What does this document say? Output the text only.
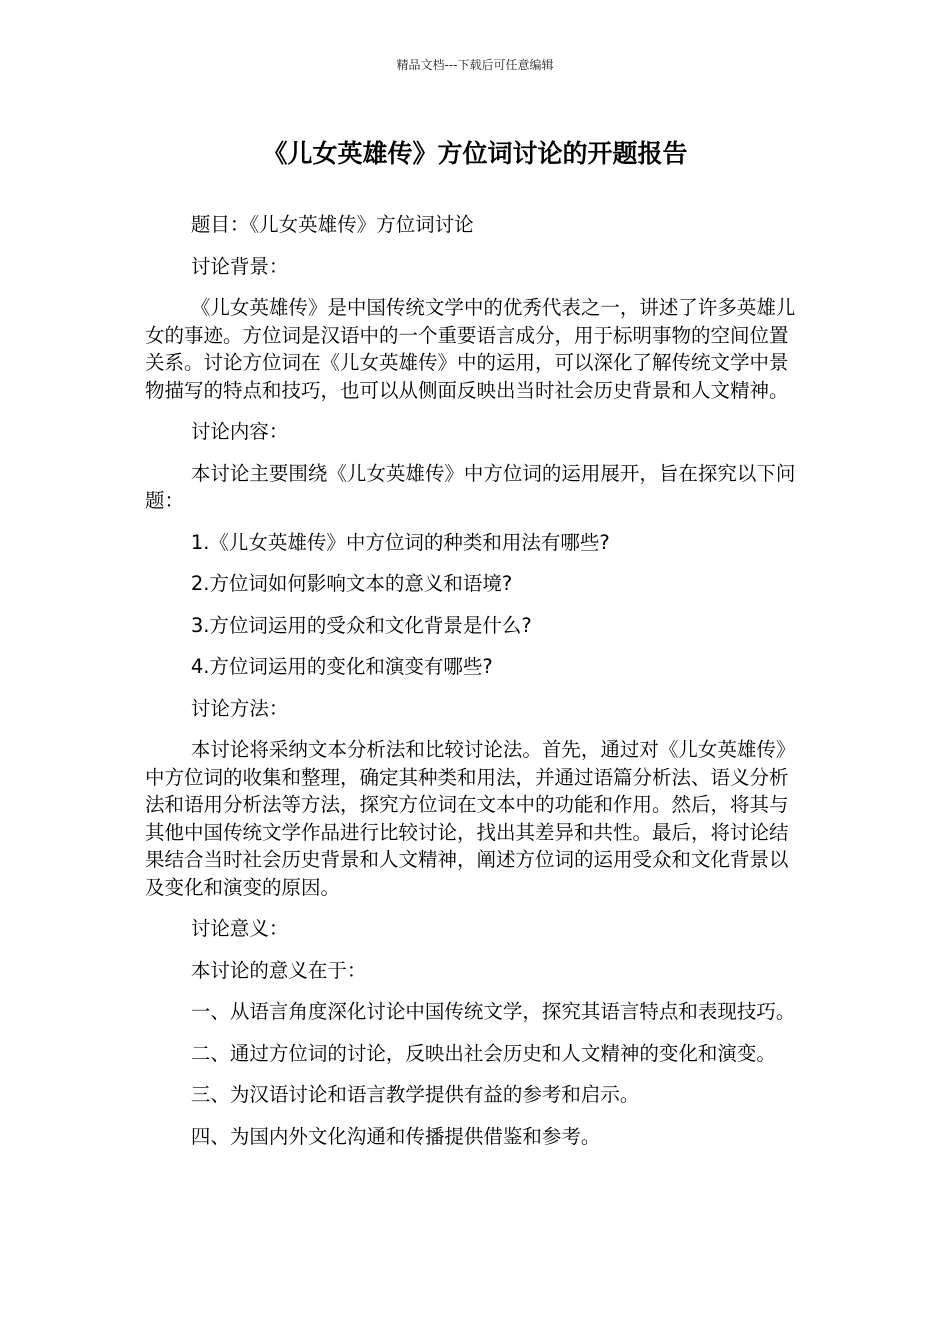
精品文档---下载后可任意编辑
《儿女英雄传》方位词讨论的开题报告

题目：《儿女英雄传》方位词讨论

讨论背景：

《儿女英雄传》是中国传统文学中的优秀代表之一，讲述了许多英雄儿女的事迹。方位词是汉语中的一个重要语言成分，用于标明事物的空间位置关系。讨论方位词在《儿女英雄传》中的运用，可以深化了解传统文学中景物描写的特点和技巧，也可以从侧面反映出当时社会历史背景和人文精神。

讨论内容：

本讨论主要围绕《儿女英雄传》中方位词的运用展开，旨在探究以下问题：

1.《儿女英雄传》中方位词的种类和用法有哪些?

2.方位词如何影响文本的意义和语境?

3.方位词运用的受众和文化背景是什么?

4.方位词运用的变化和演变有哪些?

讨论方法：

本讨论将采纳文本分析法和比较讨论法。首先，通过对《儿女英雄传》中方位词的收集和整理，确定其种类和用法，并通过语篇分析法、语义分析法和语用分析法等方法，探究方位词在文本中的功能和作用。然后，将其与其他中国传统文学作品进行比较讨论，找出其差异和共性。最后，将讨论结果结合当时社会历史背景和人文精神，阐述方位词的运用受众和文化背景以及变化和演变的原因。

讨论意义：

本讨论的意义在于：

一、从语言角度深化讨论中国传统文学，探究其语言特点和表现技巧。

二、通过方位词的讨论，反映出社会历史和人文精神的变化和演变。

三、为汉语讨论和语言教学提供有益的参考和启示。

四、为国内外文化沟通和传播提供借鉴和参考。
